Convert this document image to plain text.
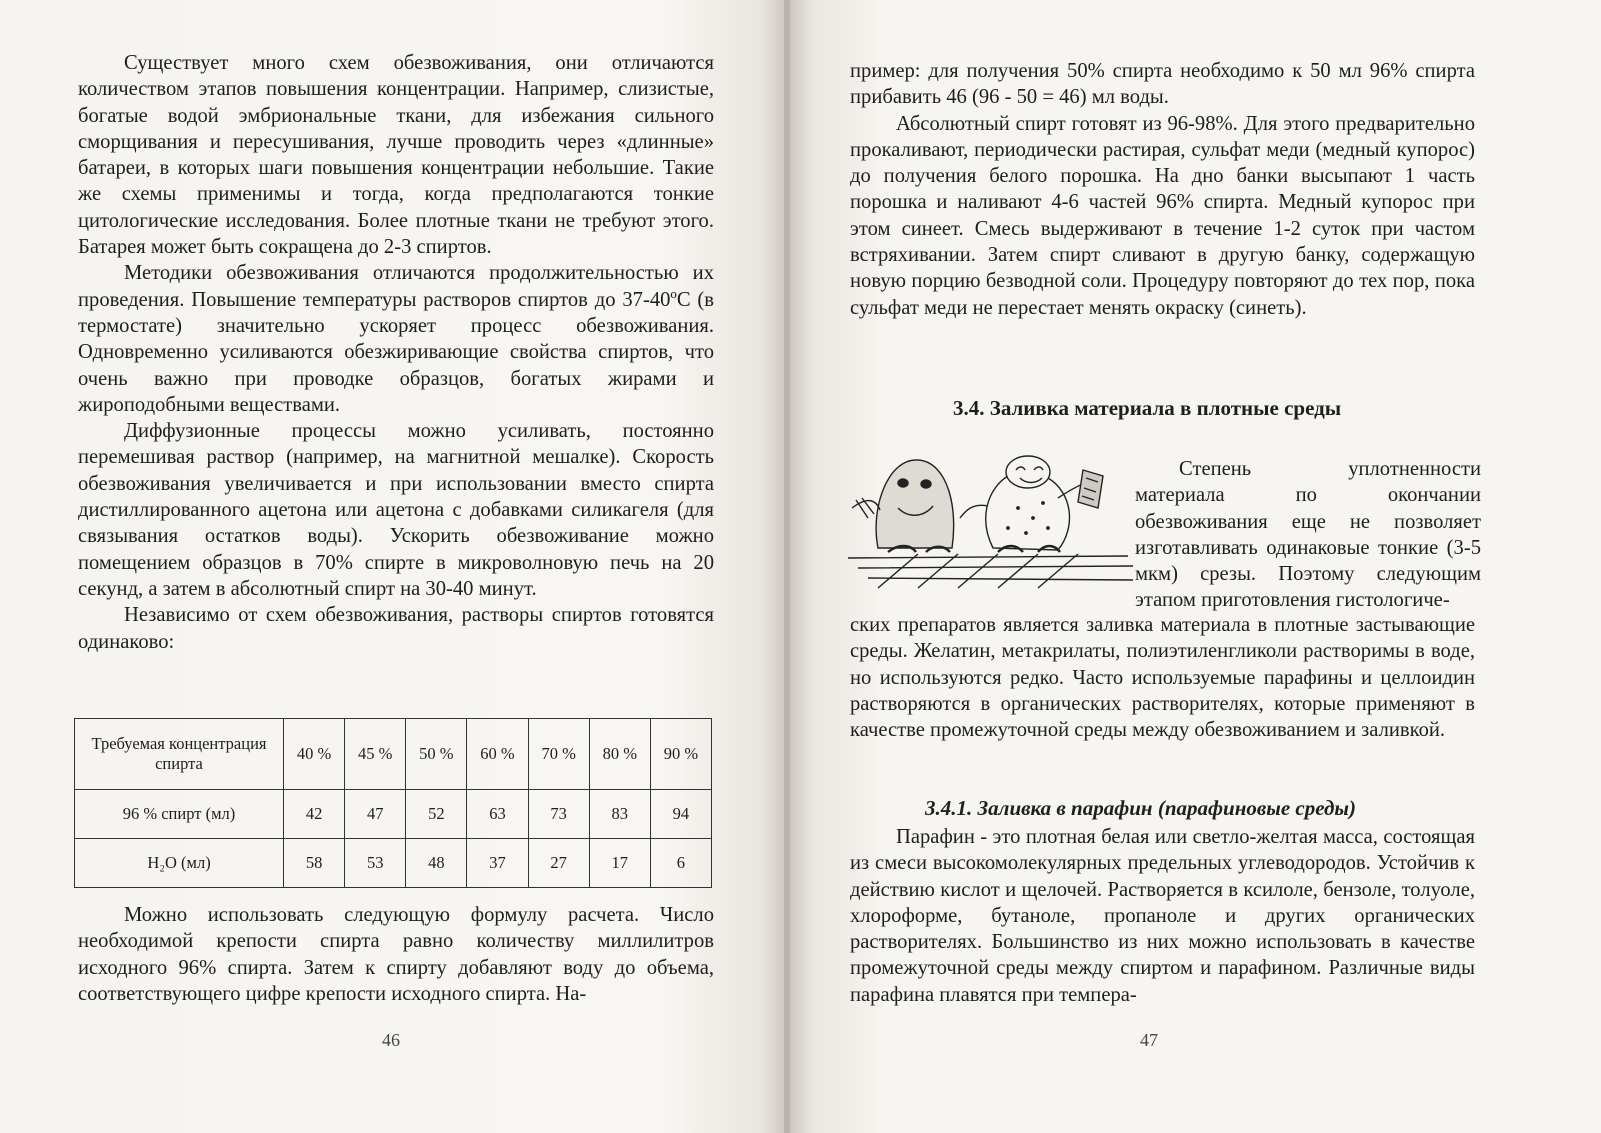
Существует много схем обезвоживания, они отличаются количеством этапов повышения концентрации. Например, слизистые, богатые водой эмбриональные ткани, для избежания сильного сморщивания и пересушивания, лучше проводить через «длинные» батареи, в которых шаги повышения концентрации небольшие. Такие же схемы применимы и тогда, когда предполагаются тонкие цитологические исследования. Более плотные ткани не требуют этого. Батарея может быть сокращена до 2-3 спиртов.

Методики обезвоживания отличаются продолжительностью их проведения. Повышение температуры растворов спиртов до 37-40ºC (в термостате) значительно ускоряет процесс обезвоживания. Одновременно усиливаются обезжиривающие свойства спиртов, что очень важно при проводке образцов, богатых жирами и жироподобными веществами.

Диффузионные процессы можно усиливать, постоянно перемешивая раствор (например, на магнитной мешалке). Скорость обезвоживания увеличивается и при использовании вместо спирта дистиллированного ацетона или ацетона с добавками силикагеля (для связывания остатков воды). Ускорить обезвоживание можно помещением образцов в 70% спирте в микроволновую печь на 20 секунд, а затем в абсолютный спирт на 30-40 минут.

Независимо от схем обезвоживания, растворы спиртов готовятся одинаково:

Требуемая концентрация спирта	40 %	45 %	50 %	60 %	70 %	80 %	90 %
96 % спирт (мл)	42	47	52	63	73	83	94
H₂O (мл)	58	53	48	37	27	17	6

Можно использовать следующую формулу расчета. Число необходимой крепости спирта равно количеству миллилитров исходного 96% спирта. Затем к спирту добавляют воду до объема, соответствующего цифре крепости исходного спирта. На-

46

пример: для получения 50% спирта необходимо к 50 мл 96% спирта прибавить 46 (96 - 50 = 46) мл воды.

Абсолютный спирт готовят из 96-98%. Для этого предварительно прокаливают, периодически растирая, сульфат меди (медный купорос) до получения белого порошка. На дно банки высыпают 1 часть порошка и наливают 4-6 частей 96% спирта. Медный купорос при этом синеет. Смесь выдерживают в течение 1-2 суток при частом встряхивании. Затем спирт сливают в другую банку, содержащую новую порцию безводной соли. Процедуру повторяют до тех пор, пока сульфат меди не перестает менять окраску (синеть).

3.4. Заливка материала в плотные среды

Степень уплотненности материала по окончании обезвоживания еще не позволяет изготавливать одинаковые тонкие (3-5 мкм) срезы. Поэтому следующим этапом приготовления гистологиче-

ских препаратов является заливка материала в плотные застывающие среды. Желатин, метакрилаты, полиэтиленгликоли растворимы в воде, но используются редко. Часто используемые парафины и целлоидин растворяются в органических растворителях, которые применяют в качестве промежуточной среды между обезвоживанием и заливкой.

3.4.1. Заливка в парафин (парафиновые среды)

Парафин - это плотная белая или светло-желтая масса, состоящая из смеси высокомолекулярных предельных углеводородов. Устойчив к действию кислот и щелочей. Растворяется в ксилоле, бензоле, толуоле, хлороформе, бутаноле, пропаноле и других органических растворителях. Большинство из них можно использовать в качестве промежуточной среды между спиртом и парафином. Различные виды парафина плавятся при темпера-

47
